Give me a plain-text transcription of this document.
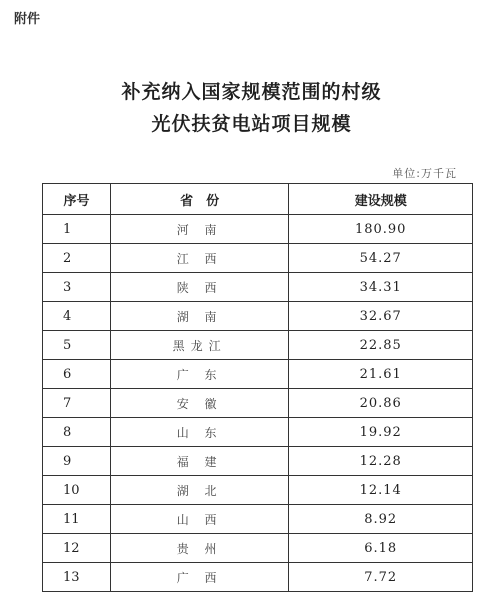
附件
补充纳入国家规模范围的村级
光伏扶贫电站项目规模
单位:万千瓦
序号	省　份	建设规模
1	河 南	180.90
2	江 西	54.27
3	陕 西	34.31
4	湖 南	32.67
5	黑龙江	22.85
6	广 东	21.61
7	安 徽	20.86
8	山 东	19.92
9	福 建	12.28
10	湖 北	12.14
11	山 西	8.92
12	贵 州	6.18
13	广 西	7.72
